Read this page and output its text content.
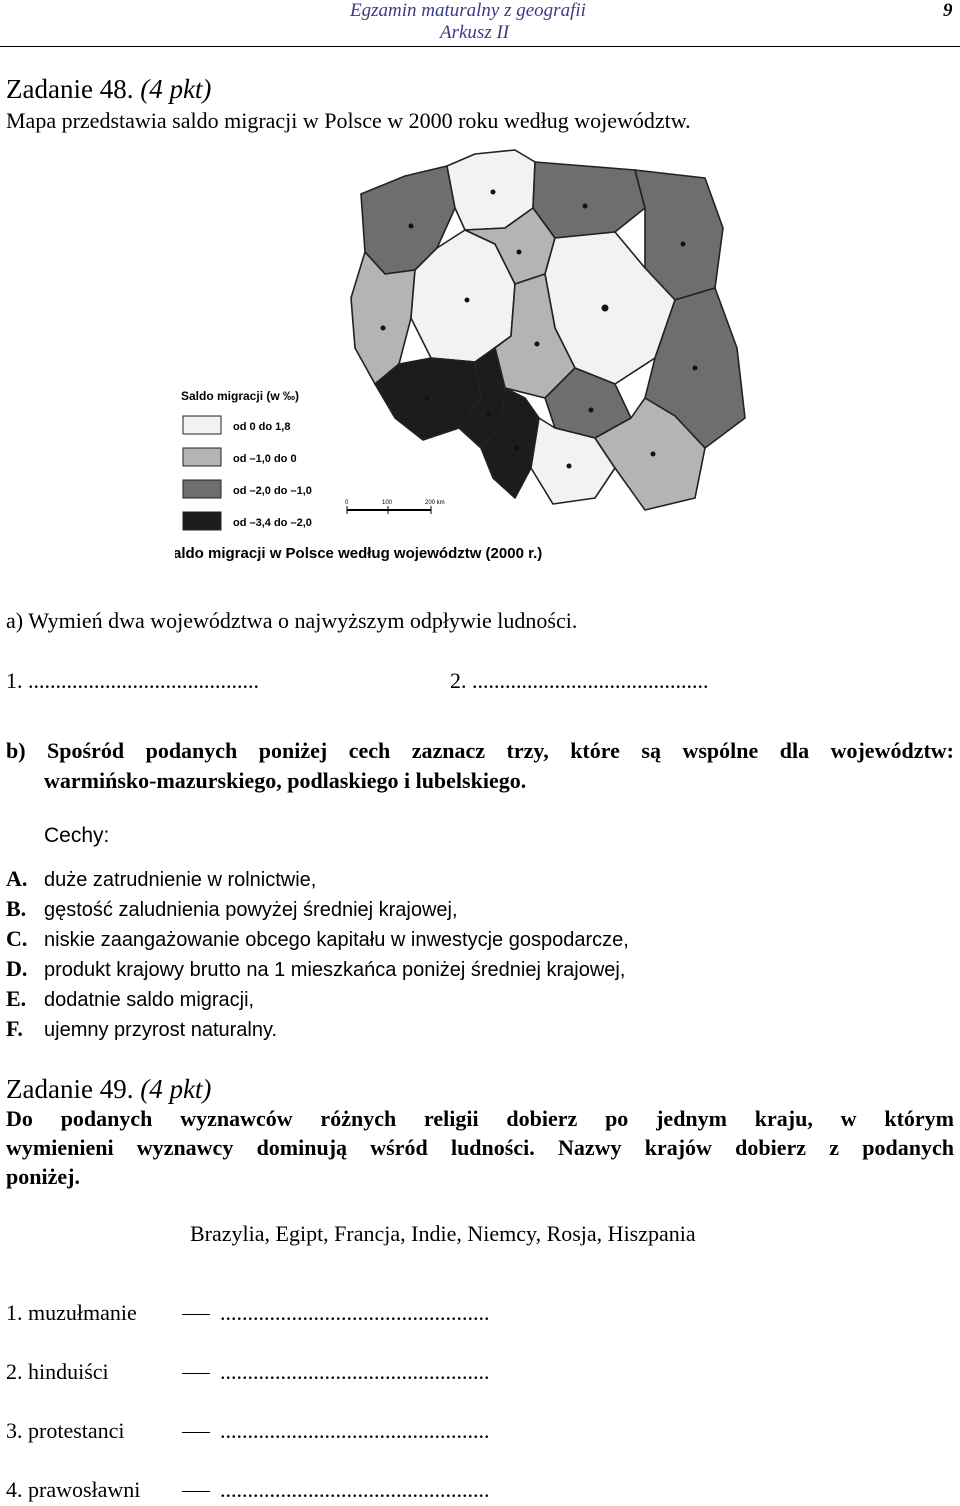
Egzamin maturalny z geografii
Arkusz II
9
Zadanie 48. (4 pkt)
Mapa przedstawia saldo migracji w Polsce w 2000 roku według województw.
Saldo migracji (w ‰)
od 0 do 1,8
od –1,0 do 0
od –2,0 do –1,0
od –3,4 do –2,0
0	100	200 km
Saldo migracji w Polsce według województw (2000 r.)
a) Wymień dwa województwa o najwyższym odpływie ludności.
1. ..........................................	2. ...........................................
b) Spośród podanych poniżej cech zaznacz trzy, które są wspólne dla województw:
warmińsko-mazurskiego, podlaskiego i lubelskiego.
Cechy:
A. duże zatrudnienie w rolnictwie,
B. gęstość zaludnienia powyżej średniej krajowej,
C. niskie zaangażowanie obcego kapitału w inwestycje gospodarcze,
D. produkt krajowy brutto na 1 mieszkańca poniżej średniej krajowej,
E. dodatnie saldo migracji,
F. ujemny przyrost naturalny.
Zadanie 49. (4 pkt)
Do podanych wyznawców różnych religii dobierz po jednym kraju, w którym
wymienieni wyznawcy dominują wśród ludności. Nazwy krajów dobierz z podanych
poniżej.
Brazylia, Egipt, Francja, Indie, Niemcy, Rosja, Hiszpania
1. muzułmanie	.................................................
2. hinduiści	.................................................
3. protestanci	.................................................
4. prawosławni	.................................................
